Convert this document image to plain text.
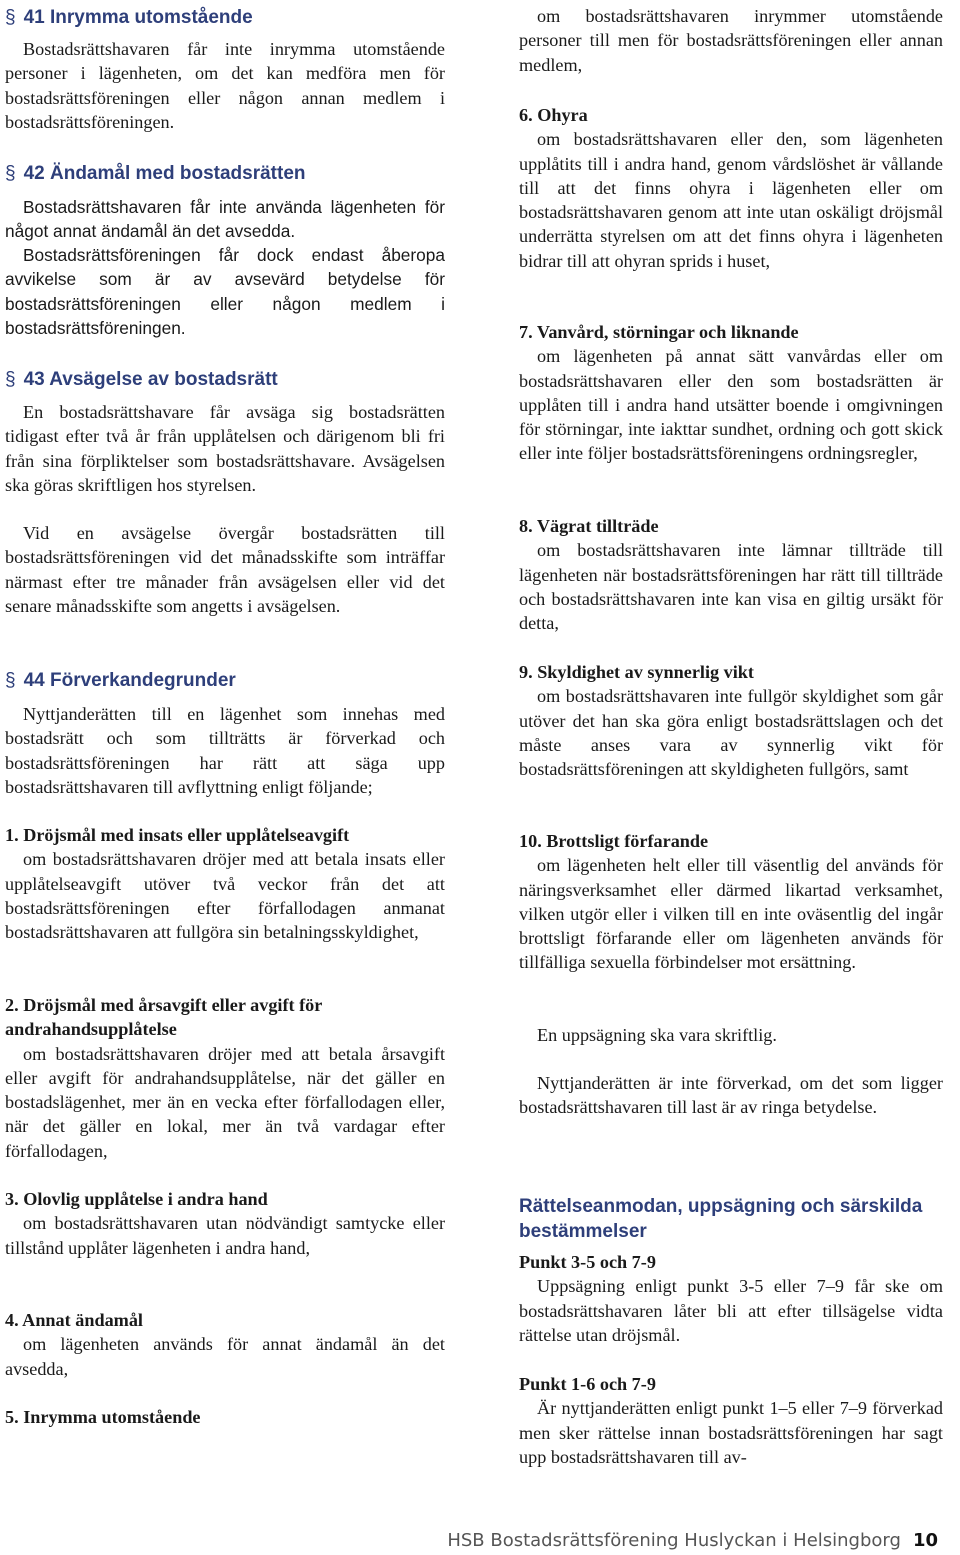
§ 41 Inrymma utomstående

Bostadsrättshavaren får inte inrymma utomstående personer i lägenheten, om det kan medföra men för bostadsrättsföreningen eller någon annan medlem i bostadsrättsföreningen.

§ 42 Ändamål med bostadsrätten

Bostadsrättshavaren får inte använda lägenheten för något annat ändamål än det avsedda.

Bostadsrättsföreningen får dock endast åberopa avvikelse som är av avsevärd betydelse för bostadsrättsföreningen eller någon medlem i bostadsrättsföreningen.

§ 43 Avsägelse av bostadsrätt

En bostadsrättshavare får avsäga sig bostadsrätten tidigast efter två år från upplåtelsen och därigenom bli fri från sina förpliktelser som bostadsrättshavare. Avsägelsen ska göras skriftligen hos styrelsen.

Vid en avsägelse övergår bostadsrätten till bostadsrättsföreningen vid det månadsskifte som inträffar närmast efter tre månader från avsägelsen eller vid det senare månadsskifte som angetts i avsägelsen.

§ 44 Förverkandegrunder

Nyttjanderätten till en lägenhet som innehas med bostadsrätt och som tillträtts är förverkad och bostadsrättsföreningen har rätt att säga upp bostadsrättshavaren till avflyttning enligt följande;

1. Dröjsmål med insats eller upplåtelseavgift

om bostadsrättshavaren dröjer med att betala insats eller upplåtelseavgift utöver två veckor från det att bostadsrättsföreningen efter förfallodagen anmanat bostadsrättshavaren att fullgöra sin betalningsskyldighet,

2. Dröjsmål med årsavgift eller avgift för andrahandsupplåtelse

om bostadsrättshavaren dröjer med att betala årsavgift eller avgift för andrahandsupplåtelse, när det gäller en bostadslägenhet, mer än en vecka efter förfallodagen eller, när det gäller en lokal, mer än två vardagar efter förfallodagen,

3. Olovlig upplåtelse i andra hand

om bostadsrättshavaren utan nödvändigt samtycke eller tillstånd upplåter lägenheten i andra hand,

4. Annat ändamål

om lägenheten används för annat ändamål än det avsedda,

5. Inrymma utomstående

om bostadsrättshavaren inrymmer utomstående personer till men för bostadsrättsföreningen eller annan medlem,

6. Ohyra

om bostadsrättshavaren eller den, som lägenheten upplåtits till i andra hand, genom vårdslöshet är vållande till att det finns ohyra i lägenheten eller om bostadsrättshavaren genom att inte utan oskäligt dröjsmål underrätta styrelsen om att det finns ohyra i lägenheten bidrar till att ohyran sprids i huset,

7. Vanvård, störningar och liknande

om lägenheten på annat sätt vanvårdas eller om bostadsrättshavaren eller den som bostadsrätten är upplåten till i andra hand utsätter boende i omgivningen för störningar, inte iakttar sundhet, ordning och gott skick eller inte följer bostadsrättsföreningens ordningsregler,

8. Vägrat tillträde

om bostadsrättshavaren inte lämnar tillträde till lägenheten när bostadsrättsföreningen har rätt till tillträde och bostadsrättshavaren inte kan visa en giltig ursäkt för detta,

9. Skyldighet av synnerlig vikt

om bostadsrättshavaren inte fullgör skyldighet som går utöver det han ska göra enligt bostadsrättslagen och det måste anses vara av synnerlig vikt för bostadsrättsföreningen att skyldigheten fullgörs, samt

10. Brottsligt förfarande

om lägenheten helt eller till väsentlig del används för näringsverksamhet eller därmed likartad verksamhet, vilken utgör eller i vilken till en inte oväsentlig del ingår brottsligt förfarande eller om lägenheten används för tillfälliga sexuella förbindelser mot ersättning.

En uppsägning ska vara skriftlig.

Nyttjanderätten är inte förverkad, om det som ligger bostadsrättshavaren till last är av ringa betydelse.

Rättelseanmodan, uppsägning och särskilda bestämmelser
Punkt 3-5 och 7-9

Uppsägning enligt punkt 3-5 eller 7–9 får ske om bostadsrättshavaren låter bli att efter tillsägelse vidta rättelse utan dröjsmål.

Punkt 1-6 och 7-9

Är nyttjanderätten enligt punkt 1–5 eller 7–9 förverkad men sker rättelse innan bostadsrättsföreningen har sagt upp bostadsrättshavaren till av-

HSB Bostadsrättsförening Huslyckan i Helsingborg 10
